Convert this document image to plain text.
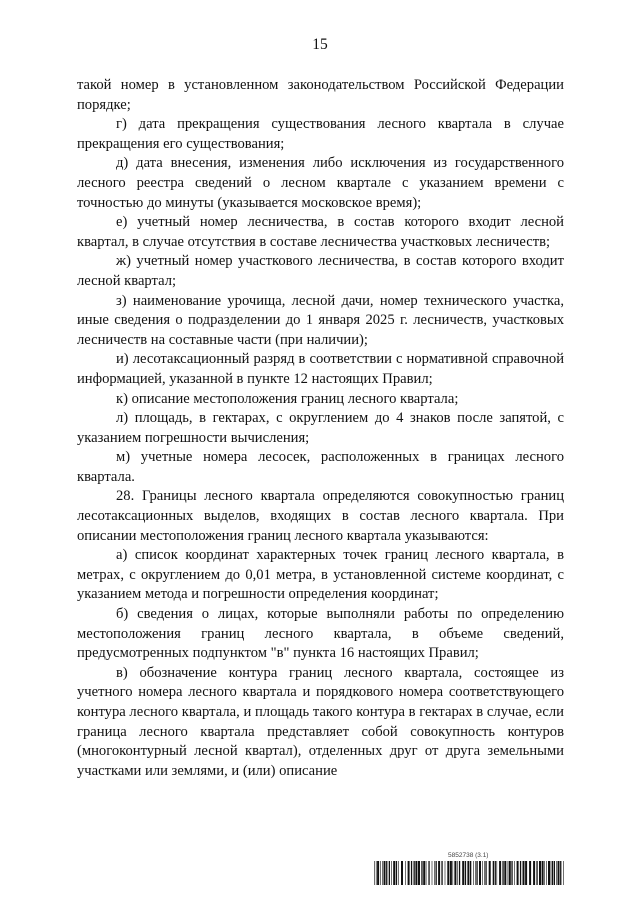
15

такой номер в установленном законодательством Российской Федерации порядке;

г) дата прекращения существования лесного квартала в случае прекращения его существования;

д) дата внесения, изменения либо исключения из государственного лесного реестра сведений о лесном квартале с указанием времени с точностью до минуты (указывается московское время);

е) учетный номер лесничества, в состав которого входит лесной квартал, в случае отсутствия в составе лесничества участковых лесничеств;

ж) учетный номер участкового лесничества, в состав которого входит лесной квартал;

з) наименование урочища, лесной дачи, номер технического участка, иные сведения о подразделении до 1 января 2025 г. лесничеств, участковых лесничеств на составные части (при наличии);

и) лесотаксационный разряд в соответствии с нормативной справочной информацией, указанной в пункте 12 настоящих Правил;

к) описание местоположения границ лесного квартала;

л) площадь, в гектарах, с округлением до 4 знаков после запятой, с указанием погрешности вычисления;

м) учетные номера лесосек, расположенных в границах лесного квартала.

28. Границы лесного квартала определяются совокупностью границ лесотаксационных выделов, входящих в состав лесного квартала. При описании местоположения границ лесного квартала указываются:

а) список координат характерных точек границ лесного квартала, в метрах, с округлением до 0,01 метра, в установленной системе координат, с указанием метода и погрешности определения координат;

б) сведения о лицах, которые выполняли работы по определению местоположения границ лесного квартала, в объеме сведений, предусмотренных подпунктом "в" пункта 16 настоящих Правил;

в) обозначение контура границ лесного квартала, состоящее из учетного номера лесного квартала и порядкового номера соответствующего контура лесного квартала, и площадь такого контура в гектарах в случае, если граница лесного квартала представляет собой совокупность контуров (многоконтурный лесной квартал), отделенных друг от друга земельными участками или землями, и (или) описание

5852738 (3.1)
